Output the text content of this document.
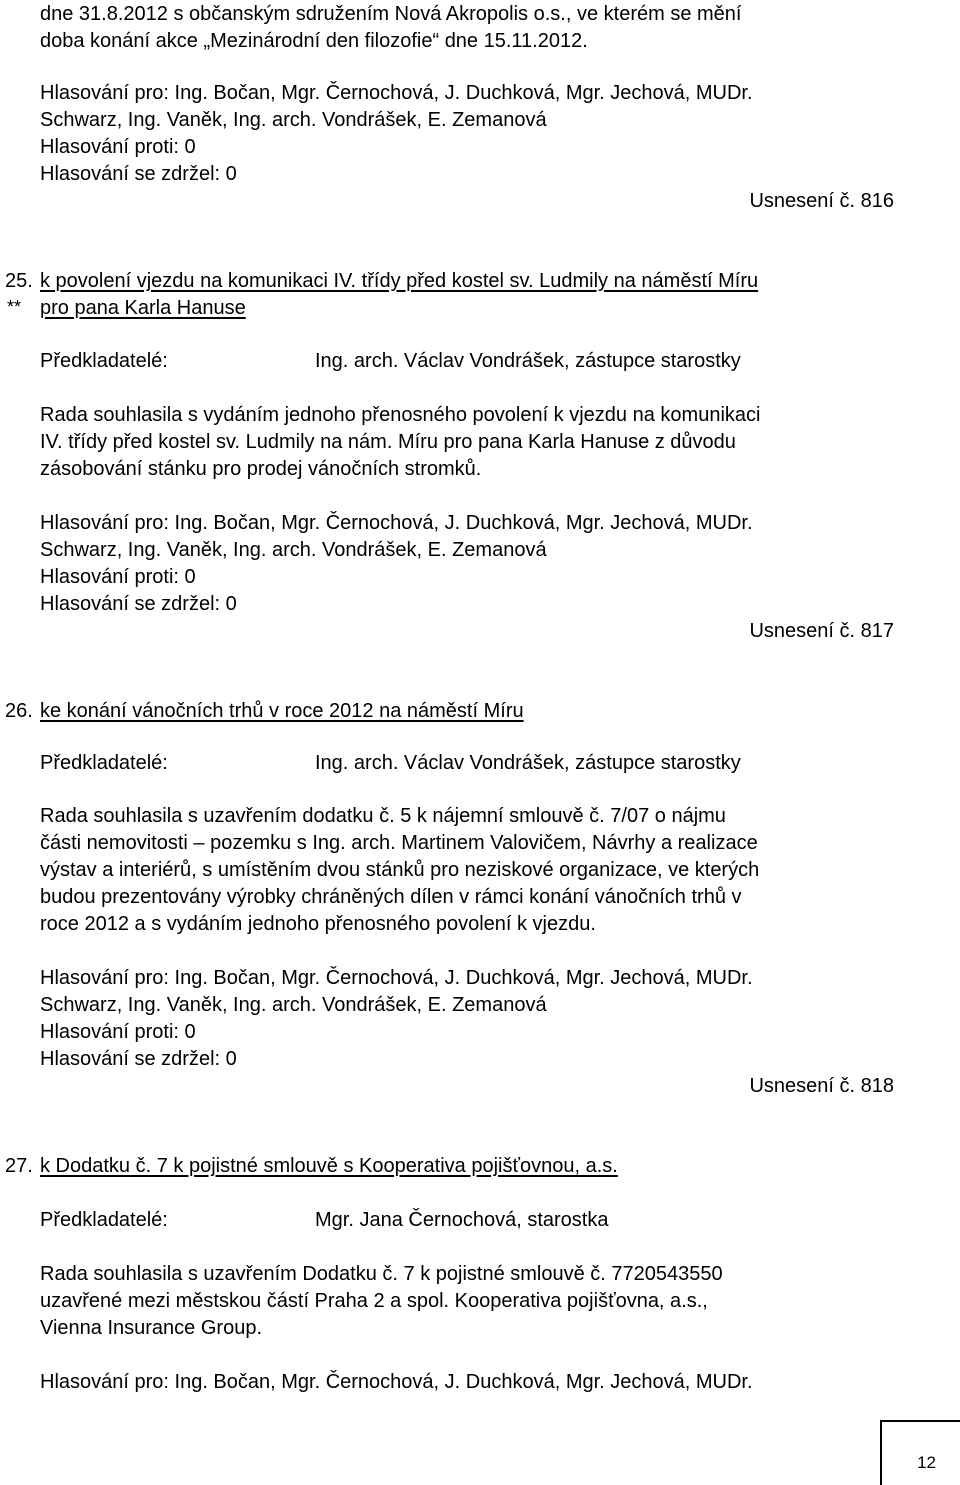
dne 31.8.2012 s občanským sdružením Nová Akropolis o.s., ve kterém se mění
doba konání akce „Mezinárodní den filozofie“ dne 15.11.2012.
Hlasování pro: Ing. Bočan, Mgr. Černochová, J. Duchková, Mgr. Jechová, MUDr.
Schwarz, Ing. Vaněk, Ing. arch. Vondrášek, E. Zemanová
Hlasování proti: 0
Hlasování se zdržel: 0
Usnesení č. 816
25.
**
k povolení vjezdu na komunikaci IV. třídy před kostel sv. Ludmily na náměstí Míru
pro pana Karla Hanuse
Předkladatelé:	Ing. arch. Václav Vondrášek, zástupce starostky
Rada souhlasila s vydáním jednoho přenosného povolení k vjezdu na komunikaci
IV. třídy před kostel sv. Ludmily na nám. Míru pro pana Karla Hanuse z důvodu
zásobování stánku pro prodej vánočních stromků.
Hlasování pro: Ing. Bočan, Mgr. Černochová, J. Duchková, Mgr. Jechová, MUDr.
Schwarz, Ing. Vaněk, Ing. arch. Vondrášek, E. Zemanová
Hlasování proti: 0
Hlasování se zdržel: 0
Usnesení č. 817
26. ke konání vánočních trhů v roce 2012 na náměstí Míru
Předkladatelé:	Ing. arch. Václav Vondrášek, zástupce starostky
Rada souhlasila s uzavřením dodatku č. 5 k nájemní smlouvě č. 7/07 o nájmu
části nemovitosti – pozemku s Ing. arch. Martinem Valovičem, Návrhy a realizace
výstav a interiérů, s umístěním dvou stánků pro neziskové organizace, ve kterých
budou prezentovány výrobky chráněných dílen v rámci konání vánočních trhů v
roce 2012 a s vydáním jednoho přenosného povolení k vjezdu.
Hlasování pro: Ing. Bočan, Mgr. Černochová, J. Duchková, Mgr. Jechová, MUDr.
Schwarz, Ing. Vaněk, Ing. arch. Vondrášek, E. Zemanová
Hlasování proti: 0
Hlasování se zdržel: 0
Usnesení č. 818
27. k Dodatku č. 7 k pojistné smlouvě s Kooperativa pojišťovnou, a.s.
Předkladatelé:	Mgr. Jana Černochová, starostka
Rada souhlasila s uzavřením Dodatku č. 7 k pojistné smlouvě č. 7720543550
uzavřené mezi městskou částí Praha 2 a spol. Kooperativa pojišťovna, a.s.,
Vienna Insurance Group.
Hlasování pro: Ing. Bočan, Mgr. Černochová, J. Duchková, Mgr. Jechová, MUDr.
12
